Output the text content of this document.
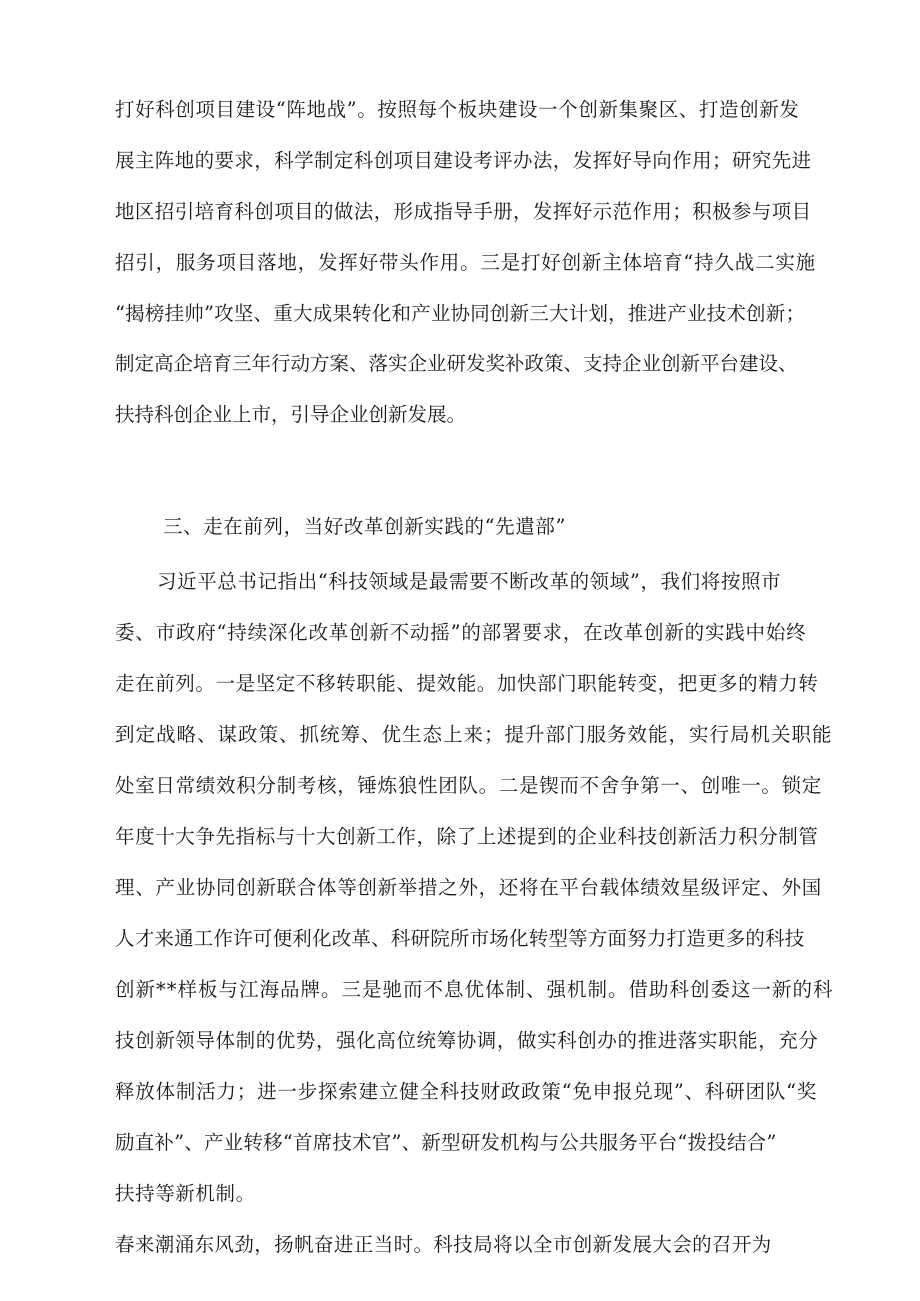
打好科创项目建设“阵地战”。按照每个板块建设一个创新集聚区、打造创新发

展主阵地的要求，科学制定科创项目建设考评办法，发挥好导向作用；研究先进

地区招引培育科创项目的做法，形成指导手册，发挥好示范作用；积极参与项目

招引，服务项目落地，发挥好带头作用。三是打好创新主体培育“持久战二实施

“揭榜挂帅”攻坚、重大成果转化和产业协同创新三大计划，推进产业技术创新；

制定高企培育三年行动方案、落实企业研发奖补政策、支持企业创新平台建设、

扶持科创企业上市，引导企业创新发展。

三、走在前列，当好改革创新实践的“先遣部”

习近平总书记指出“科技领域是最需要不断改革的领域”，我们将按照市

委、市政府“持续深化改革创新不动摇”的部署要求，在改革创新的实践中始终

走在前列。一是坚定不移转职能、提效能。加快部门职能转变，把更多的精力转

到定战略、谋政策、抓统筹、优生态上来；提升部门服务效能，实行局机关职能

处室日常绩效积分制考核，锤炼狼性团队。二是锲而不舍争第一、创唯一。锁定

年度十大争先指标与十大创新工作，除了上述提到的企业科技创新活力积分制管

理、产业协同创新联合体等创新举措之外，还将在平台载体绩效星级评定、外国

人才来通工作许可便利化改革、科研院所市场化转型等方面努力打造更多的科技

创新**样板与江海品牌。三是驰而不息优体制、强机制。借助科创委这一新的科

技创新领导体制的优势，强化高位统筹协调，做实科创办的推进落实职能，充分

释放体制活力；进一步探索建立健全科技财政政策“免申报兑现”、科研团队“奖

励直补”、产业转移“首席技术官”、新型研发机构与公共服务平台“拨投结合”

扶持等新机制。

春来潮涌东风劲，扬帆奋进正当时。科技局将以全市创新发展大会的召开为
